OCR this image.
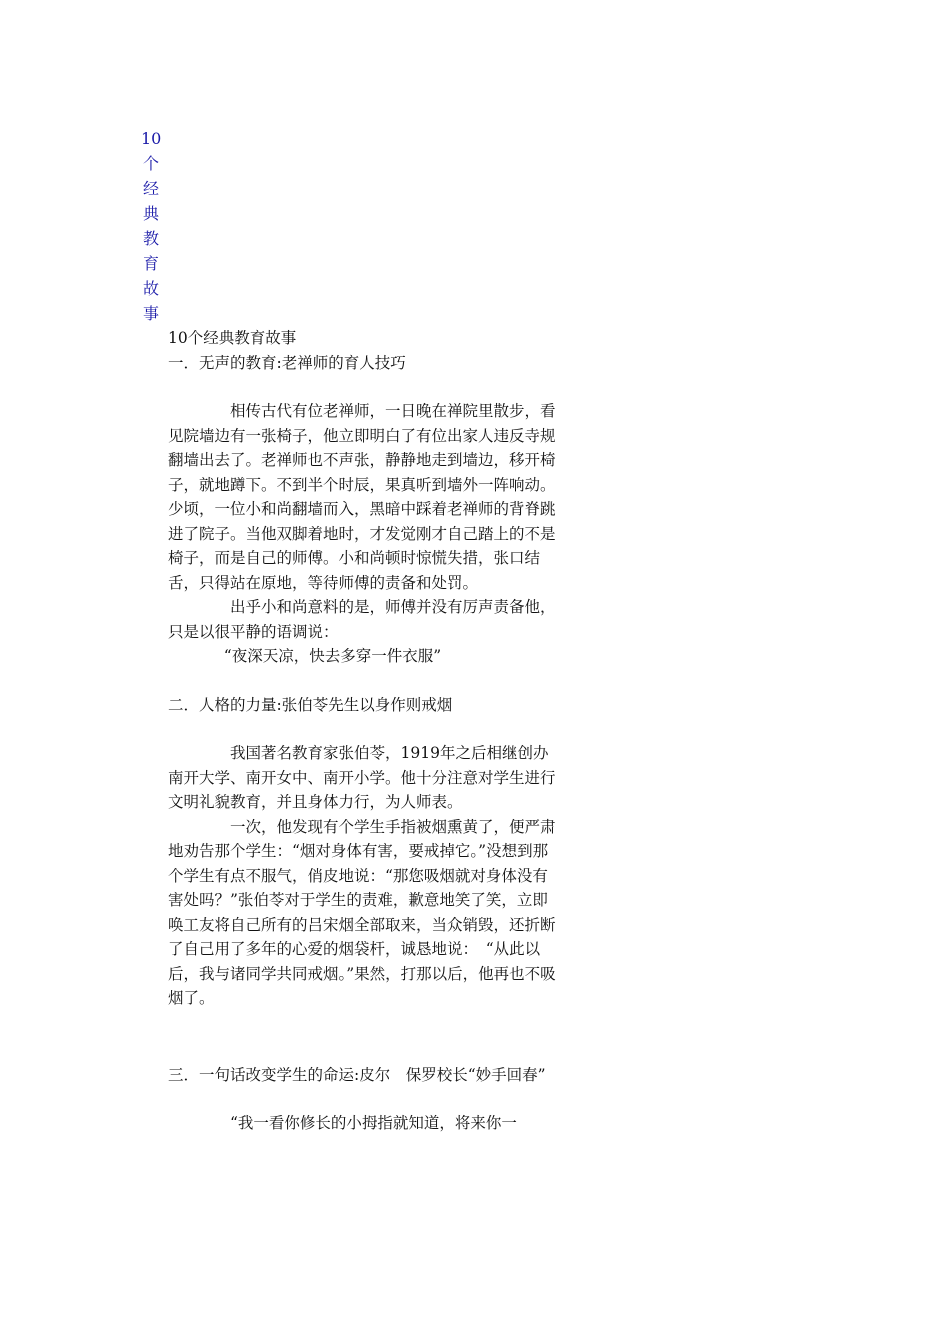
10
个
经
典
教
育
故
事

10个经典教育故事

一．无声的教育:老禅师的育人技巧

相传古代有位老禅师，一日晚在禅院里散步，看见院墙边有一张椅子，他立即明白了有位出家人违反寺规翻墙出去了。老禅师也不声张，静静地走到墙边，移开椅子，就地蹲下。不到半个时辰，果真听到墙外一阵响动。少顷，一位小和尚翻墙而入，黑暗中踩着老禅师的背脊跳进了院子。当他双脚着地时，才发觉刚才自己踏上的不是椅子，而是自己的师傅。小和尚顿时惊慌失措，张口结舌，只得站在原地，等待师傅的责备和处罚。

出乎小和尚意料的是，师傅并没有厉声责备他，只是以很平静的语调说：

“夜深天凉，快去多穿一件衣服”

二．人格的力量:张伯苓先生以身作则戒烟

我国著名教育家张伯苓，1919年之后相继创办南开大学、南开女中、南开小学。他十分注意对学生进行文明礼貌教育，并且身体力行，为人师表。

一次，他发现有个学生手指被烟熏黄了，便严肃地劝告那个学生：“烟对身体有害，要戒掉它。”没想到那个学生有点不服气，俏皮地说：“那您吸烟就对身体没有害处吗？”张伯苓对于学生的责难，歉意地笑了笑，立即唤工友将自己所有的吕宋烟全部取来，当众销毁，还折断了自己用了多年的心爱的烟袋杆，诚恳地说：　“从此以后，我与诸同学共同戒烟。”果然，打那以后，他再也不吸烟了。

三．一句话改变学生的命运:皮尔　保罗校长“妙手回春”

“我一看你修长的小拇指就知道，将来你一
